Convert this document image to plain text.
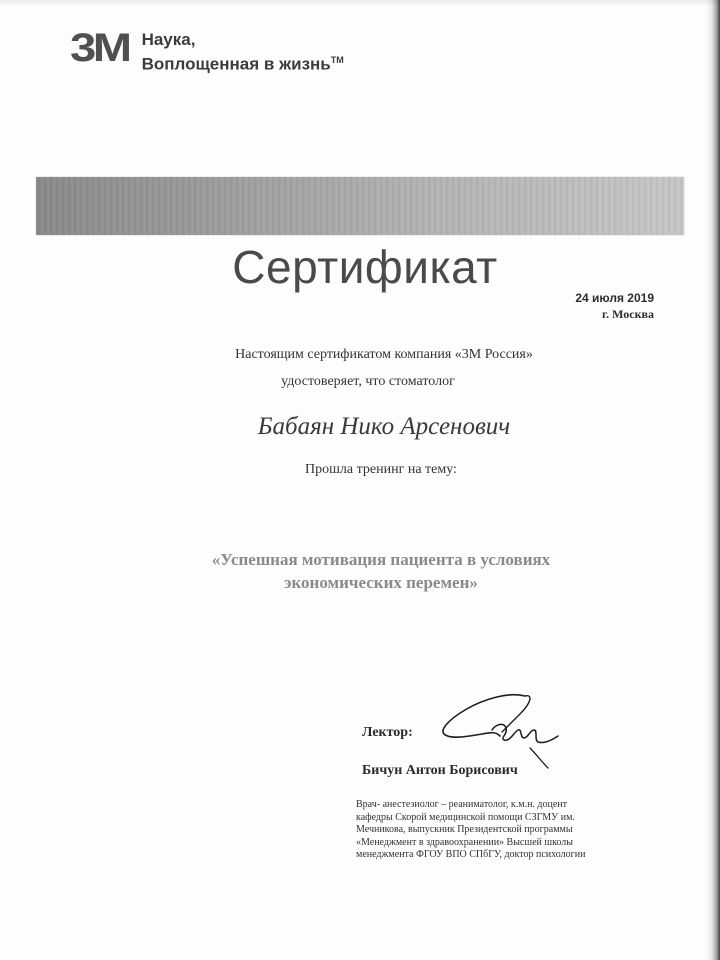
3M Наука,
Воплощенная в жизнь™
Сертификат
24 июля 2019
г. Москва
Настоящим сертификатом компания «3М Россия»
удостоверяет, что стоматолог
Бабаян Нико Арсенович
Прошла тренинг на тему:
«Успешная мотивация пациента в условиях
экономических перемен»
Лектор:
Бичун Антон Борисович
Врач- анестезиолог – реаниматолог, к.м.н. доцент
кафедры Скорой медицинской помощи СЗГМУ им.
Мечникова, выпускник Президентской программы
«Менеджмент в здравоохранении» Высшей школы
менеджмента ФГОУ ВПО СПбГУ, доктор психологии
